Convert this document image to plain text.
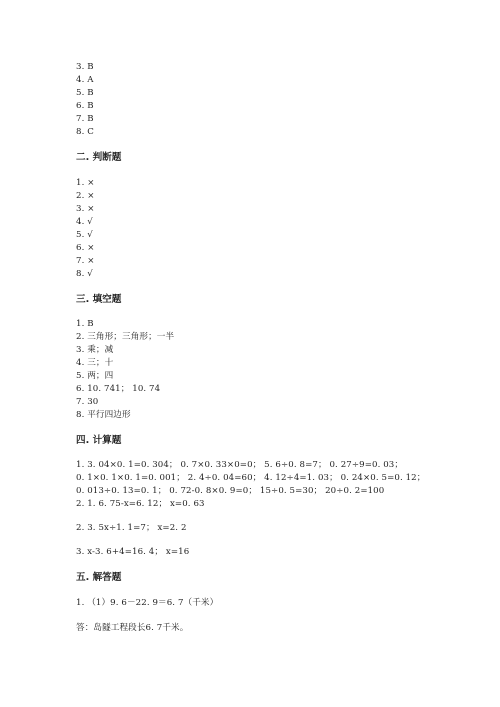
3. B
4. A
5. B
6. B
7. B
8. C
二. 判断题
1. ×
2. ×
3. ×
4. √
5. √
6. ×
7. ×
8. √
三. 填空题
1. B
2. 三角形；三角形；一半
3. 乘；减
4. 三；十
5. 两；四
6. 10. 741； 10. 74
7. 30
8. 平行四边形
四. 计算题
1. 3. 04×0. 1=0. 304； 0. 7×0. 33×0=0； 5. 6÷0. 8=7； 0. 27÷9=0. 03；
0. 1×0. 1×0. 1=0. 001； 2. 4÷0. 04=60； 4. 12÷4=1. 03； 0. 24×0. 5=0. 12；
0. 013÷0. 13=0. 1； 0. 72-0. 8×0. 9=0； 15÷0. 5=30； 20÷0. 2=100
2. 1. 6. 75-x=6. 12； x=0. 63
2. 3. 5x÷1. 1=7； x=2. 2
3. x-3. 6+4=16. 4； x=16
五. 解答题
1. （1）9. 6－22. 9＝6. 7（千米）
答：岛隧工程段长6. 7千米。
